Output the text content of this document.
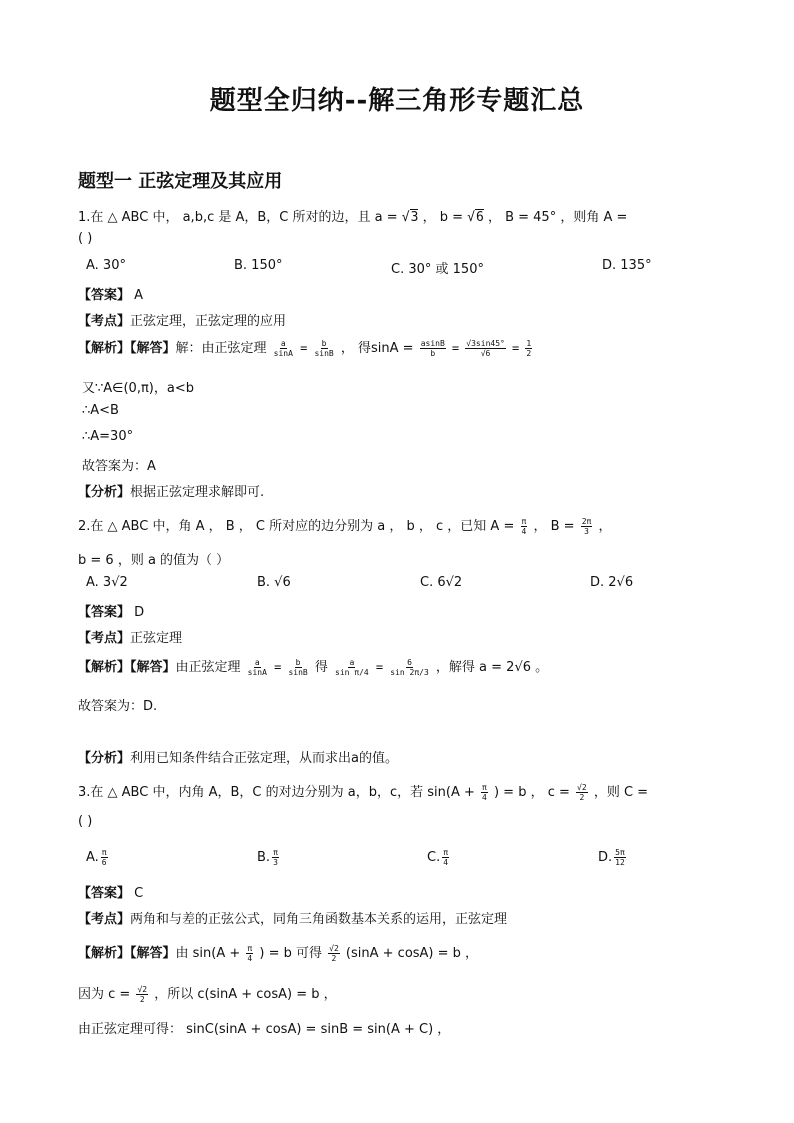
题型全归纳--解三角形专题汇总
题型一 正弦定理及其应用
1.在 △ ABC 中， a,b,c 是 A，B，C 所对的边，且 a = √3 ， b = √6 ， B = 45° ，则角 A =
( )
A. 30°	B. 150°	C. 30° 或 150°	D. 135°
【答案】 A
【考点】正弦定理，正弦定理的应用
【解析】【解答】解：由正弦定理 $\frac{a}{\sin A} = \frac{b}{\sin B}$ ， 得$\sin A = \frac{asinB}{b} = \frac{√3\sin 45^\circ}{√6} = \frac{1}{2}$
又∵A∈(0,π)，a<b
∴A<B
∴A=30°
故答案为：A
【分析】根据正弦定理求解即可.
2.在 △ ABC 中，角 A ， B ， C 所对应的边分别为 a ， b ， c ，已知 $A = \frac{\pi}{4}$ ， $B = \frac{2\pi}{3}$ ，
b = 6 ，则 a 的值为（ ）
A. 3√2	B. √6	C. 6√2	D. 2√6
【答案】 D
【考点】正弦定理
【解析】【解答】由正弦定理 $\frac{a}{\sin A} = \frac{b}{\sin B}$ 得 $\frac{a}{\text{sin π/4}} = \frac{6}{\sin 2\pi/3}$ ，解得 a = 2√6 。
故答案为：D.
【分析】利用已知条件结合正弦定理，从而求出a的值。
3.在 △ ABC 中，内角 A，B，C 的对边分别为 a，b，c，若 $\sin(A + \frac{\pi}{4}$ ) = b ， $c = \frac{√2}{2}$ ，则 C =
( )
A. $\frac{\pi}{6}$	B. $\frac{\pi}{3}$	C. $\frac{\pi}{4}$	D. $\frac{5\pi}{12}$
【答案】 C
【考点】两角和与差的正弦公式，同角三角函数基本关系的运用，正弦定理
【解析】【解答】由 $\sin(A + \frac{\pi}{4}$ ) = b 可得 $\frac{√2}{2} (\sin A + \cos A) = b$ ，
因为 $c = \frac{√2}{2}$ ，所以 c(sinA + cosA) = b ，
由正弦定理可得： sinC(sinA + cosA) = sinB = sin(A + C) ，
